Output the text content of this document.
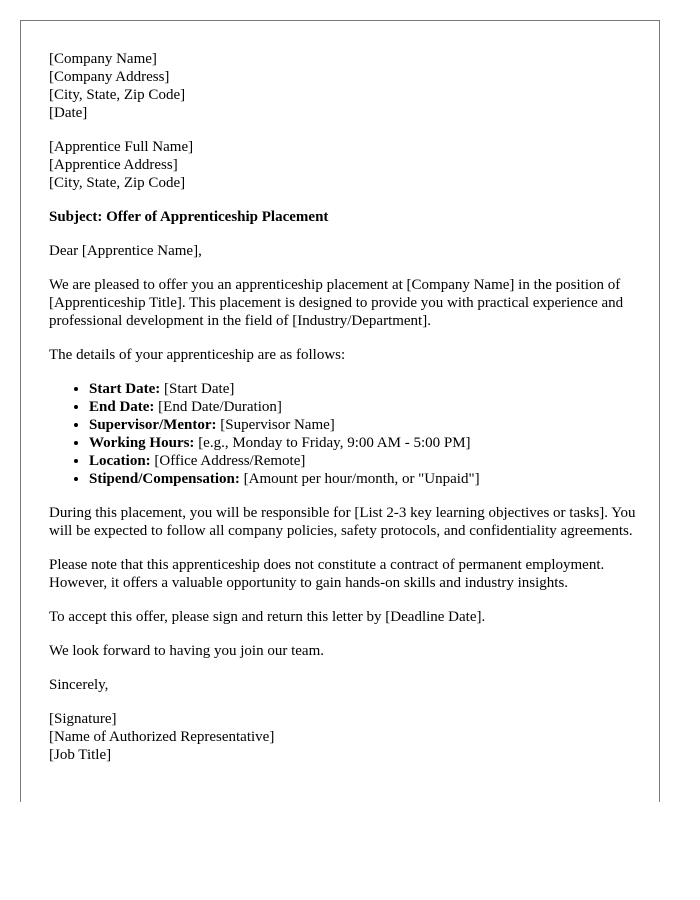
[Company Name]
[Company Address]
[City, State, Zip Code]
[Date]
[Apprentice Full Name]
[Apprentice Address]
[City, State, Zip Code]

Subject: Offer of Apprenticeship Placement

Dear [Apprentice Name],

We are pleased to offer you an apprenticeship placement at [Company Name] in the position of [Apprenticeship Title]. This placement is designed to provide you with practical experience and professional development in the field of [Industry/Department].

The details of your apprenticeship are as follows:

• Start Date: [Start Date]
• End Date: [End Date/Duration]
• Supervisor/Mentor: [Supervisor Name]
• Working Hours: [e.g., Monday to Friday, 9:00 AM - 5:00 PM]
• Location: [Office Address/Remote]
• Stipend/Compensation: [Amount per hour/month, or "Unpaid"]

During this placement, you will be responsible for [List 2-3 key learning objectives or tasks]. You will be expected to follow all company policies, safety protocols, and confidentiality agreements.

Please note that this apprenticeship does not constitute a contract of permanent employment. However, it offers a valuable opportunity to gain hands-on skills and industry insights.

To accept this offer, please sign and return this letter by [Deadline Date].

We look forward to having you join our team.

Sincerely,

[Signature]
[Name of Authorized Representative]
[Job Title]
